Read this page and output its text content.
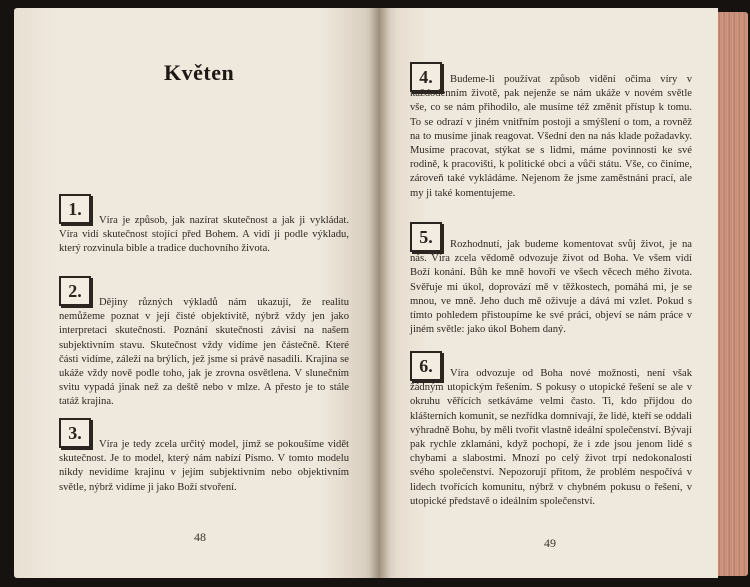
Květen
1.
Víra je způsob, jak nazírat skutečnost a jak ji vykládat. Víra vidí skutečnost stojící před Bohem. A vidí ji podle výkladu, který rozvinula bible a tradice duchovního života.
2.
Dějiny různých výkladů nám ukazují, že realitu nemůžeme poznat v její čisté objektivitě, nýbrž vždy jen jako interpretaci skutečnosti. Poznání skutečnosti závisí na našem subjektivním stavu. Skutečnost vždy vidíme jen částečně. Které části vidíme, záleží na brýlích, jež jsme si právě nasadili. Krajina se ukáže vždy nově podle toho, jak je zrovna osvětlena. V slunečním svitu vypadá jinak než za deště nebo v mlze. A přesto je to stále tatáž krajina.
3.
Víra je tedy zcela určitý model, jímž se pokoušíme vidět skutečnost. Je to model, který nám nabízí Písmo. V tomto modelu nikdy nevidíme krajinu v jejím subjektivním nebo objektivním světle, nýbrž vidíme ji jako Boží stvoření.
48
4.	Budeme-li používat způsob vidění očima víry v každodenním životě, pak nejenže se nám ukáže v novém světle vše, co se nám přihodilo, ale musíme též změnit přístup k tomu. To se odrazí v jiném vnitřním postoji a smýšlení o tom, a rovněž na to musíme jinak reagovat. Všední den na nás klade požadavky. Musíme pracovat, stýkat se s lidmi, máme povinnosti ke své rodině, k pracovišti, k politické obci a vůči státu. Vše, co činíme, zároveň také vykládáme. Nejenom že jsme zaměstnáni prací, ale my ji také komentujeme.
5.	Rozhodnutí, jak budeme komentovat svůj život, je na nás. Víra zcela vědomě odvozuje život od Boha. Ve všem vidí Boží konání. Bůh ke mně hovoří ve všech věcech mého života. Svěřuje mi úkol, doprovází mě v těžkostech, pomáhá mi, je se mnou, ve mně. Jeho duch mě oživuje a dává mi vzlet. Pokud s tímto pohledem přistoupíme ke své práci, objeví se nám práce v jiném světle: jako úkol Bohem daný.
6.	Víra odvozuje od Boha nové možnosti, není však žádným utopickým řešením. S pokusy o utopické řešení se ale v okruhu věřících setkáváme velmi často. Ti, kdo přijdou do klášterních komunit, se nezřídka domnívají, že lidé, kteří se oddali výhradně Bohu, by měli tvořit vlastně ideální společenství. Bývají pak rychle zklamáni, když pochopí, že i zde jsou jenom lidé s chybami a slabostmi. Mnozí po celý život trpí nedokonalostí svého společenství. Nepozorují přitom, že problém nespočívá v lidech tvořících komunitu, nýbrž v chybném pokusu o řešení, v utopické představě o ideálním společenství.
49
